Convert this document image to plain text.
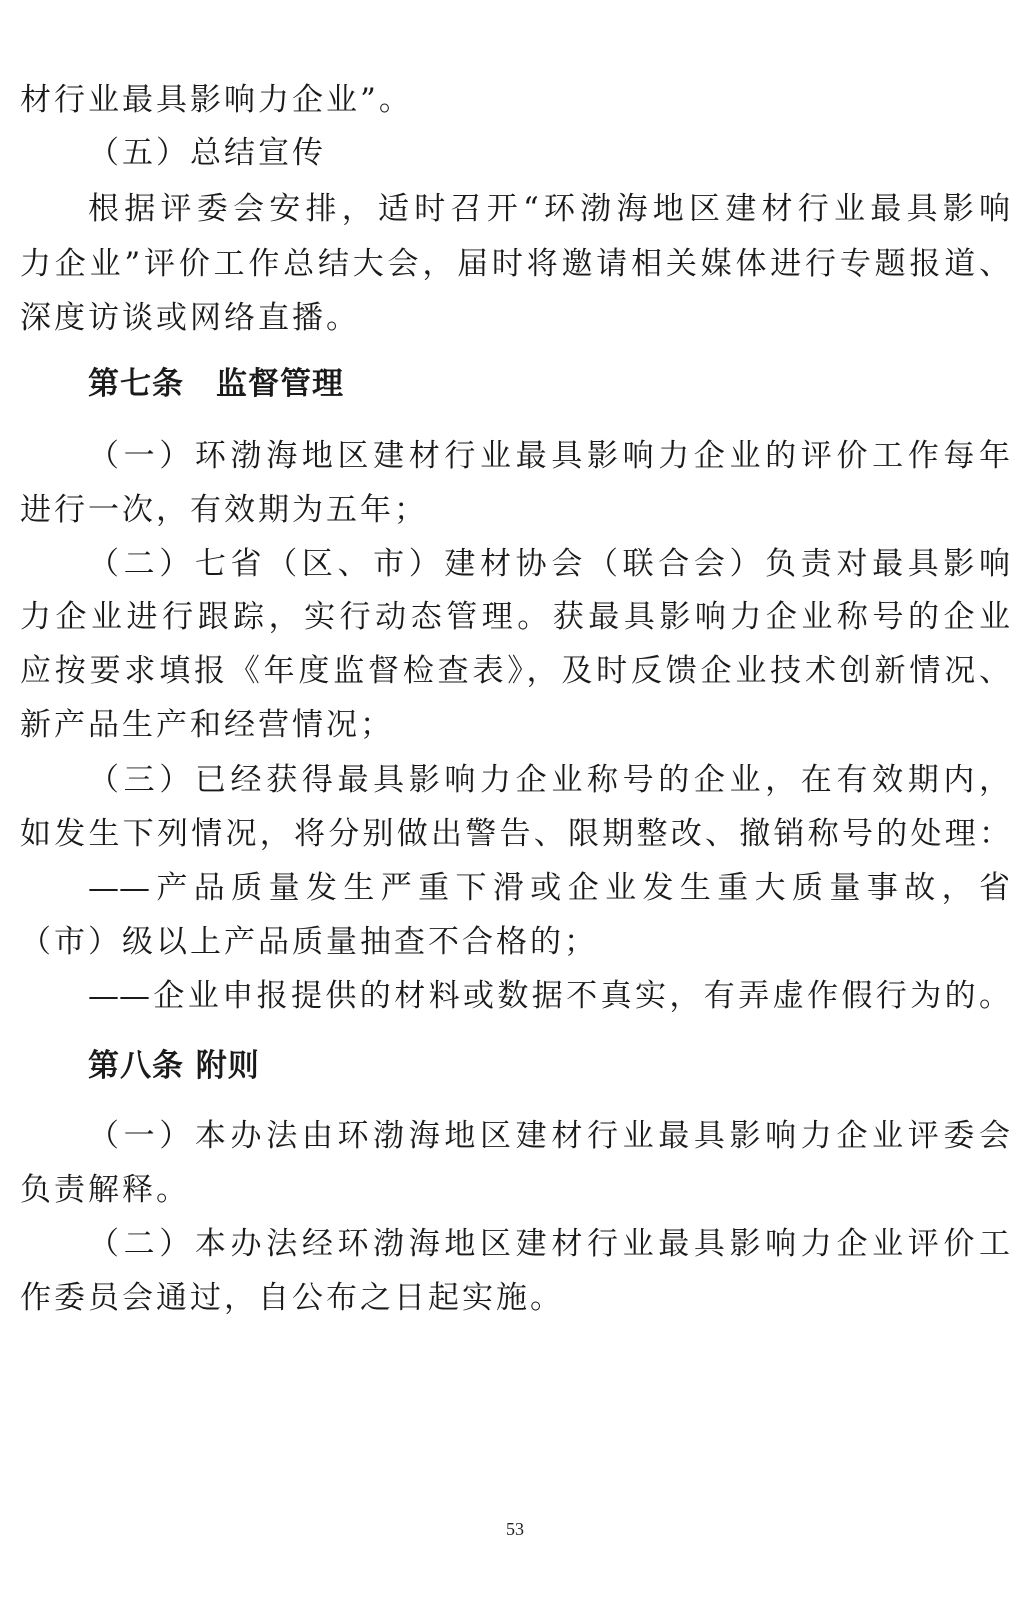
材行业最具影响力企业”。
（五）总结宣传
根据评委会安排，适时召开“环渤海地区建材行业最具影响
力企业”评价工作总结大会，届时将邀请相关媒体进行专题报道、
深度访谈或网络直播。
第七条　监督管理
（一）环渤海地区建材行业最具影响力企业的评价工作每年
进行一次，有效期为五年；
（二）七省（区、市）建材协会（联合会）负责对最具影响
力企业进行跟踪，实行动态管理。获最具影响力企业称号的企业
应按要求填报《年度监督检查表》，及时反馈企业技术创新情况、
新产品生产和经营情况；
（三）已经获得最具影响力企业称号的企业，在有效期内，
如发生下列情况，将分别做出警告、限期整改、撤销称号的处理：
——产品质量发生严重下滑或企业发生重大质量事故，省
（市）级以上产品质量抽查不合格的；
——企业申报提供的材料或数据不真实，有弄虚作假行为的。
第八条 附则
（一）本办法由环渤海地区建材行业最具影响力企业评委会
负责解释。
（二）本办法经环渤海地区建材行业最具影响力企业评价工
作委员会通过，自公布之日起实施。
53
